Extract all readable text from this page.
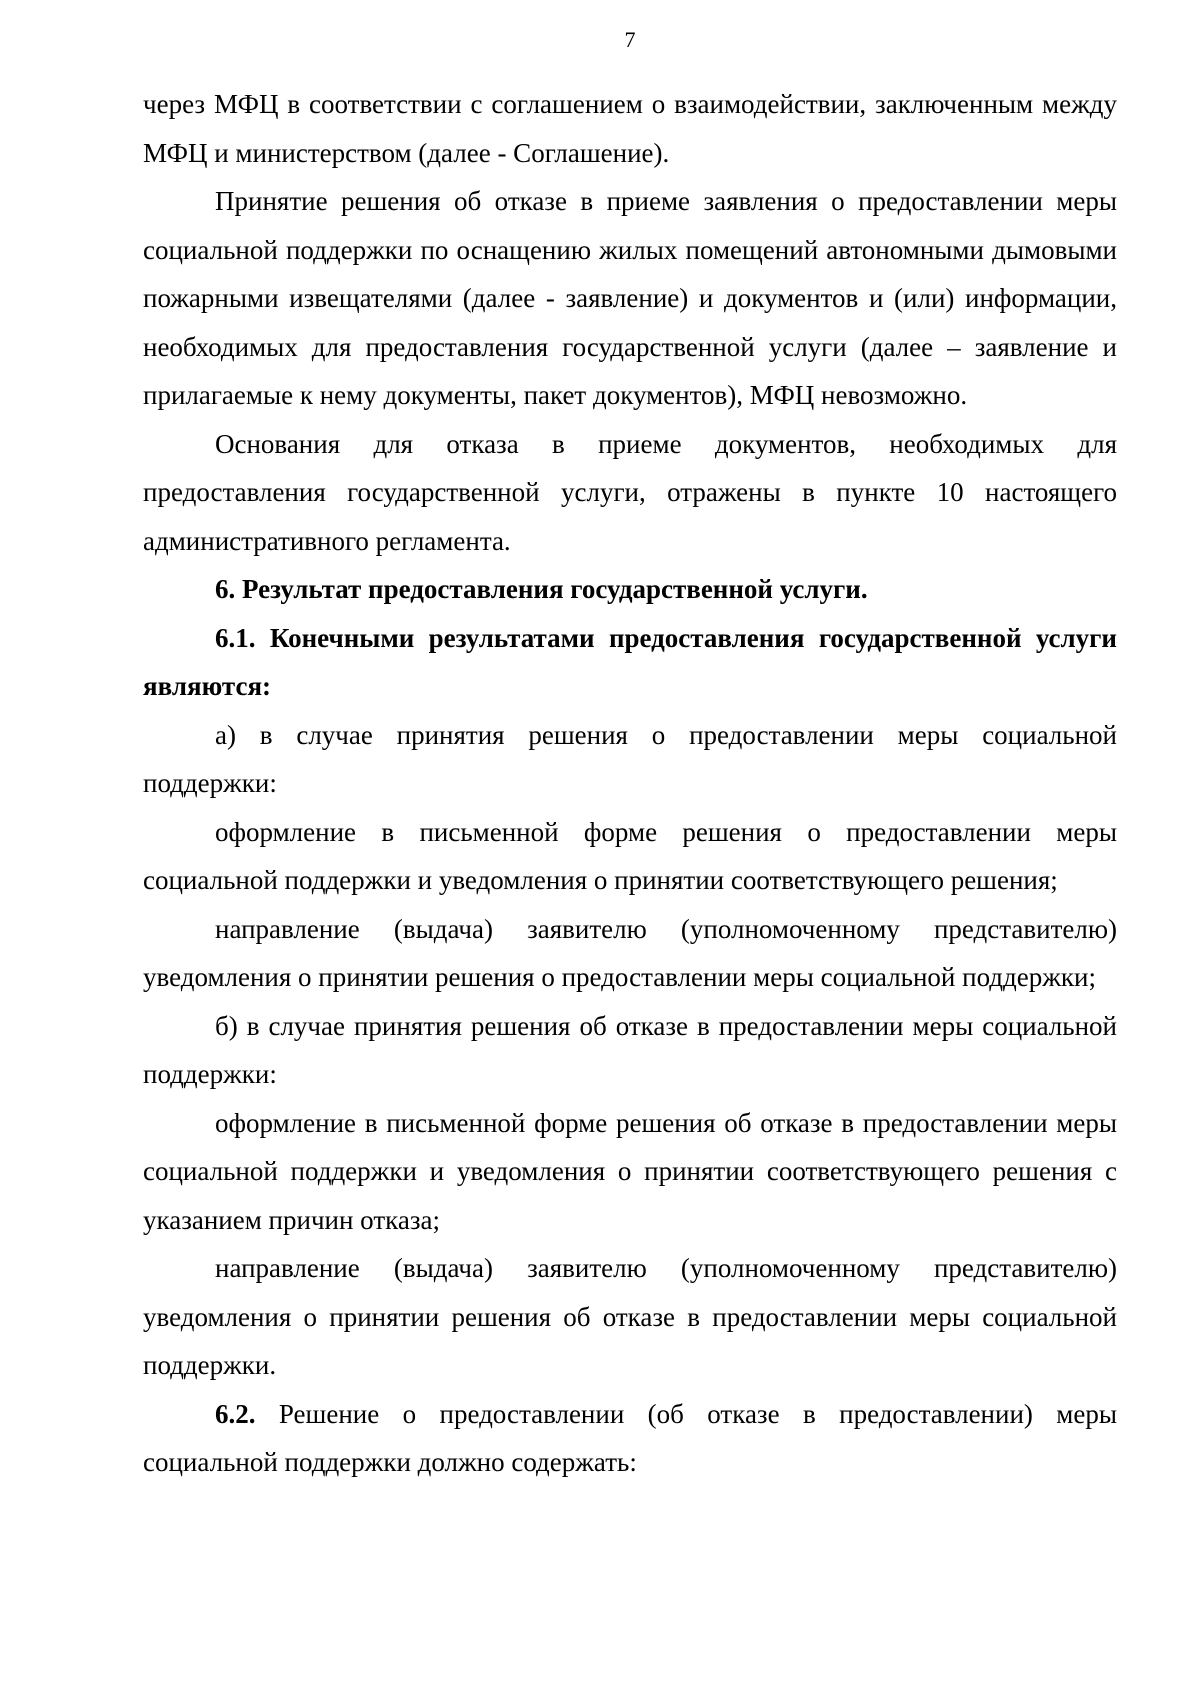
7

через МФЦ в соответствии с соглашением о взаимодействии, заключенным между МФЦ и министерством (далее - Соглашение).

Принятие решения об отказе в приеме заявления о предоставлении меры социальной поддержки по оснащению жилых помещений автономными дымовыми пожарными извещателями (далее - заявление) и документов и (или) информации, необходимых для предоставления государственной услуги (далее – заявление и прилагаемые к нему документы, пакет документов), МФЦ невозможно.

Основания для отказа в приеме документов, необходимых для предоставления государственной услуги, отражены в пункте 10 настоящего административного регламента.

6. Результат предоставления государственной услуги.

6.1. Конечными результатами предоставления государственной услуги являются:

а) в случае принятия решения о предоставлении меры социальной поддержки:

оформление в письменной форме решения о предоставлении меры социальной поддержки и уведомления о принятии соответствующего решения;

направление (выдача) заявителю (уполномоченному представителю) уведомления о принятии решения о предоставлении меры социальной поддержки;

б) в случае принятия решения об отказе в предоставлении меры социальной поддержки:

оформление в письменной форме решения об отказе в предоставлении меры социальной поддержки и уведомления о принятии соответствующего решения с указанием причин отказа;

направление (выдача) заявителю (уполномоченному представителю) уведомления о принятии решения об отказе в предоставлении меры социальной поддержки.

6.2. Решение о предоставлении (об отказе в предоставлении) меры социальной поддержки должно содержать:
